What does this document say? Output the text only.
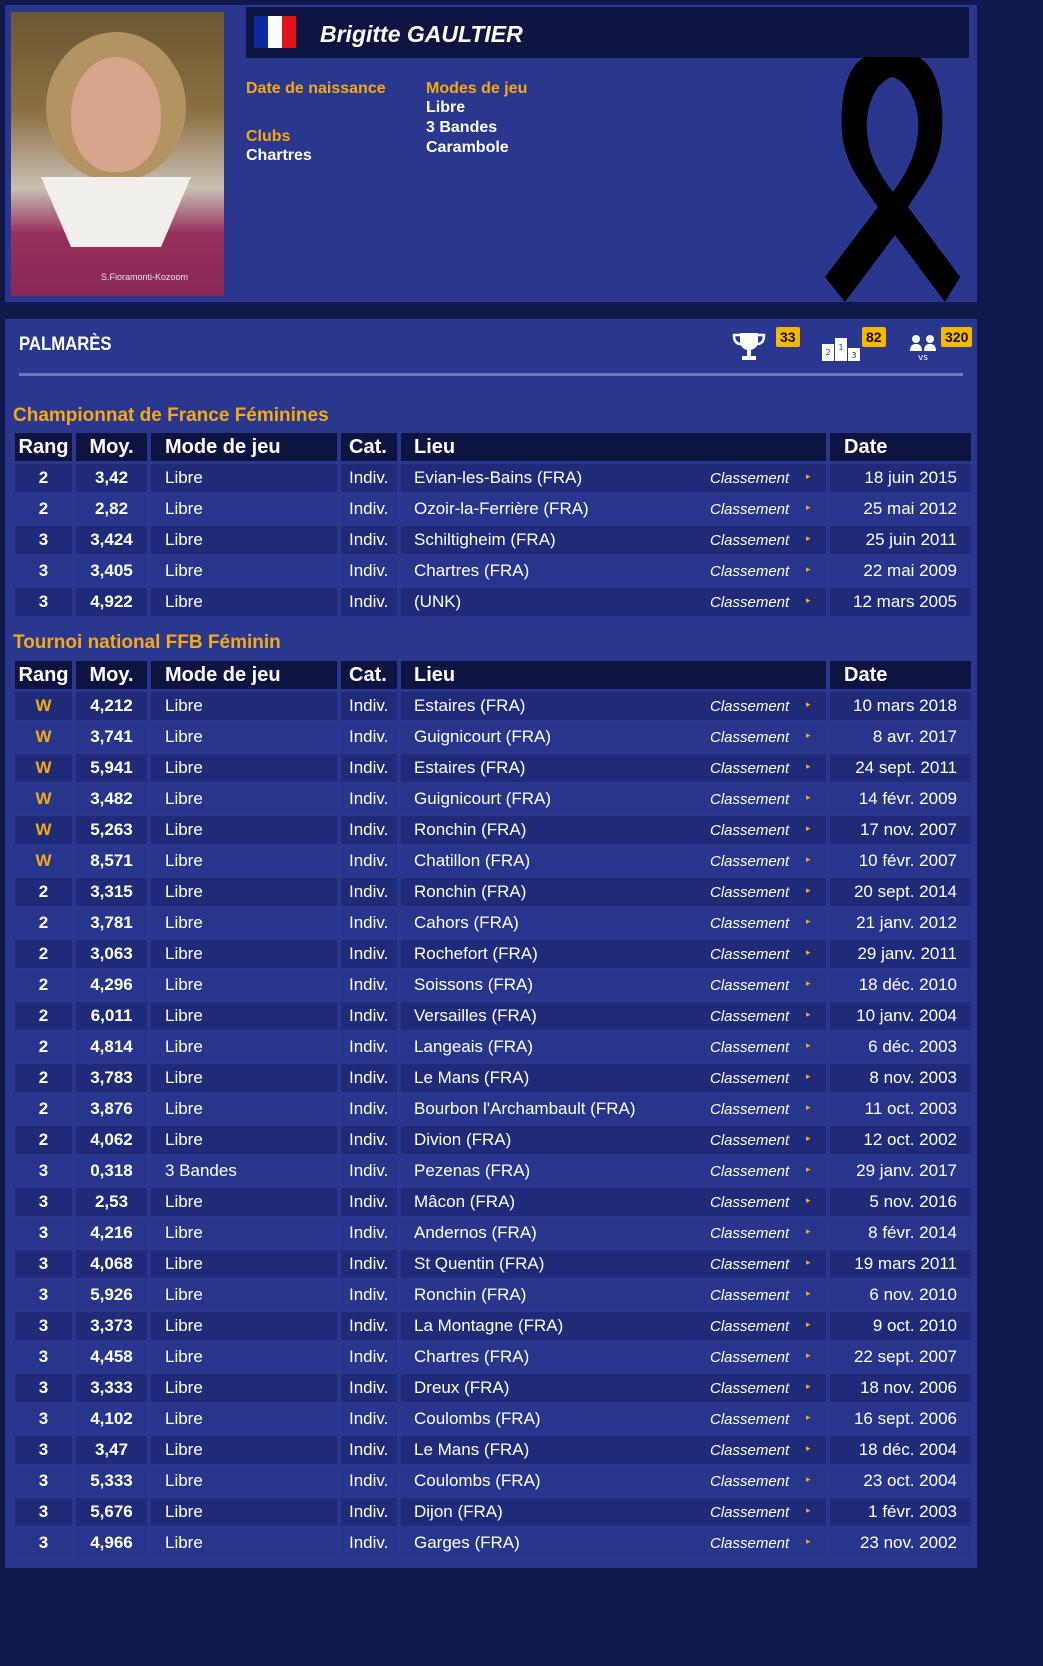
S.Fioramonti-Kozoom
Brigitte GAULTIER
Date de naissance
Clubs
Chartres
Modes de jeu
Libre
3 Bandes
Carambole
PALMARÈS	33
2
1
3
82
vs
320
Championnat de France Féminines
Rang	Moy.	Mode de jeu	Cat.	Lieu	Date
2	3,42	Libre	Indiv.	Evian-les-Bains (FRA) Classement ▸	18 juin 2015
2	2,82	Libre	Indiv.	Ozoir-la-Ferrière (FRA) Classement ▸	25 mai 2012
3	3,424	Libre	Indiv.	Schiltigheim (FRA) Classement ▸	25 juin 2011
3	3,405	Libre	Indiv.	Chartres (FRA) Classement ▸	22 mai 2009
3	4,922	Libre	Indiv.	(UNK) Classement ▸	12 mars 2005
Tournoi national FFB Féminin
Rang	Moy.	Mode de jeu	Cat.	Lieu	Date
W	4,212	Libre	Indiv.	Estaires (FRA) Classement ▸	10 mars 2018
W	3,741	Libre	Indiv.	Guignicourt (FRA) Classement ▸	8 avr. 2017
W	5,941	Libre	Indiv.	Estaires (FRA) Classement ▸	24 sept. 2011
W	3,482	Libre	Indiv.	Guignicourt (FRA) Classement ▸	14 févr. 2009
W	5,263	Libre	Indiv.	Ronchin (FRA) Classement ▸	17 nov. 2007
W	8,571	Libre	Indiv.	Chatillon (FRA) Classement ▸	10 févr. 2007
2	3,315	Libre	Indiv.	Ronchin (FRA) Classement ▸	20 sept. 2014
2	3,781	Libre	Indiv.	Cahors (FRA) Classement ▸	21 janv. 2012
2	3,063	Libre	Indiv.	Rochefort (FRA) Classement ▸	29 janv. 2011
2	4,296	Libre	Indiv.	Soissons (FRA) Classement ▸	18 déc. 2010
2	6,011	Libre	Indiv.	Versailles (FRA) Classement ▸	10 janv. 2004
2	4,814	Libre	Indiv.	Langeais (FRA) Classement ▸	6 déc. 2003
2	3,783	Libre	Indiv.	Le Mans (FRA) Classement ▸	8 nov. 2003
2	3,876	Libre	Indiv.	Bourbon l'Archambault (FRA) Classement ▸	11 oct. 2003
2	4,062	Libre	Indiv.	Divion (FRA) Classement ▸	12 oct. 2002
3	0,318	3 Bandes	Indiv.	Pezenas (FRA) Classement ▸	29 janv. 2017
3	2,53	Libre	Indiv.	Mâcon (FRA) Classement ▸	5 nov. 2016
3	4,216	Libre	Indiv.	Andernos (FRA) Classement ▸	8 févr. 2014
3	4,068	Libre	Indiv.	St Quentin (FRA) Classement ▸	19 mars 2011
3	5,926	Libre	Indiv.	Ronchin (FRA) Classement ▸	6 nov. 2010
3	3,373	Libre	Indiv.	La Montagne (FRA) Classement ▸	9 oct. 2010
3	4,458	Libre	Indiv.	Chartres (FRA) Classement ▸	22 sept. 2007
3	3,333	Libre	Indiv.	Dreux (FRA) Classement ▸	18 nov. 2006
3	4,102	Libre	Indiv.	Coulombs (FRA) Classement ▸	16 sept. 2006
3	3,47	Libre	Indiv.	Le Mans (FRA) Classement ▸	18 déc. 2004
3	5,333	Libre	Indiv.	Coulombs (FRA) Classement ▸	23 oct. 2004
3	5,676	Libre	Indiv.	Dijon (FRA) Classement ▸	1 févr. 2003
3	4,966	Libre	Indiv.	Garges (FRA) Classement ▸	23 nov. 2002
